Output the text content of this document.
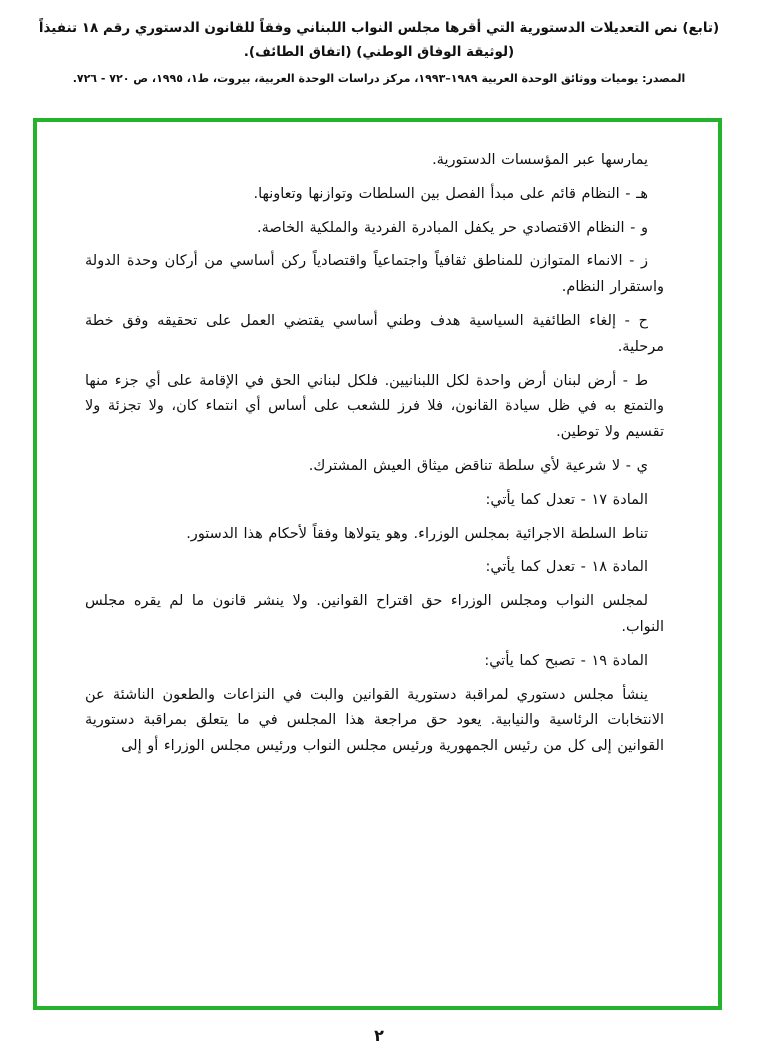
(تابع) نص التعديلات الدستورية التي أقرها مجلس النواب اللبناني وفقاً للقانون الدستوري رقم ١٨ تنفيذاً (لوثيقة الوفاق الوطني) (اتفاق الطائف).
المصدر: يوميات ووثائق الوحدة العربية ١٩٨٩–١٩٩٣، مركز دراسات الوحدة العربية، بيروت، ط١، ١٩٩٥، ص ٧٢٠ - ٧٢٦.
يمارسها عبر المؤسسات الدستورية.
هـ - النظام قائم على مبدأ الفصل بين السلطات وتوازنها وتعاونها.
و - النظام الاقتصادي حر يكفل المبادرة الفردية والملكية الخاصة.
ز - الانماء المتوازن للمناطق ثقافياً واجتماعياً واقتصادياً ركن أساسي من أركان وحدة الدولة واستقرار النظام.
ح - إلغاء الطائفية السياسية هدف وطني أساسي يقتضي العمل على تحقيقه وفق خطة مرحلية.
ط - أرض لبنان أرض واحدة لكل اللبنانيين. فلكل لبناني الحق في الإقامة على أي جزء منها والتمتع به في ظل سيادة القانون، فلا فرز للشعب على أساس أي انتماء كان، ولا تجزئة ولا تقسيم ولا توطين.
ي - لا شرعية لأي سلطة تناقض ميثاق العيش المشترك.
المادة ١٧ - تعدل كما يأتي:
تناط السلطة الاجرائية بمجلس الوزراء. وهو يتولاها وفقاً لأحكام هذا الدستور.
المادة ١٨ - تعدل كما يأتي:
لمجلس النواب ومجلس الوزراء حق اقتراح القوانين. ولا ينشر قانون ما لم يقره مجلس النواب.
المادة ١٩ - تصبح كما يأتي:
ينشأ مجلس دستوري لمراقبة دستورية القوانين والبت في النزاعات والطعون الناشئة عن الانتخابات الرئاسية والنيابية. يعود حق مراجعة هذا المجلس في ما يتعلق بمراقبة دستورية القوانين إلى كل من رئيس الجمهورية ورئيس مجلس النواب ورئيس مجلس الوزراء أو إلى
٢
